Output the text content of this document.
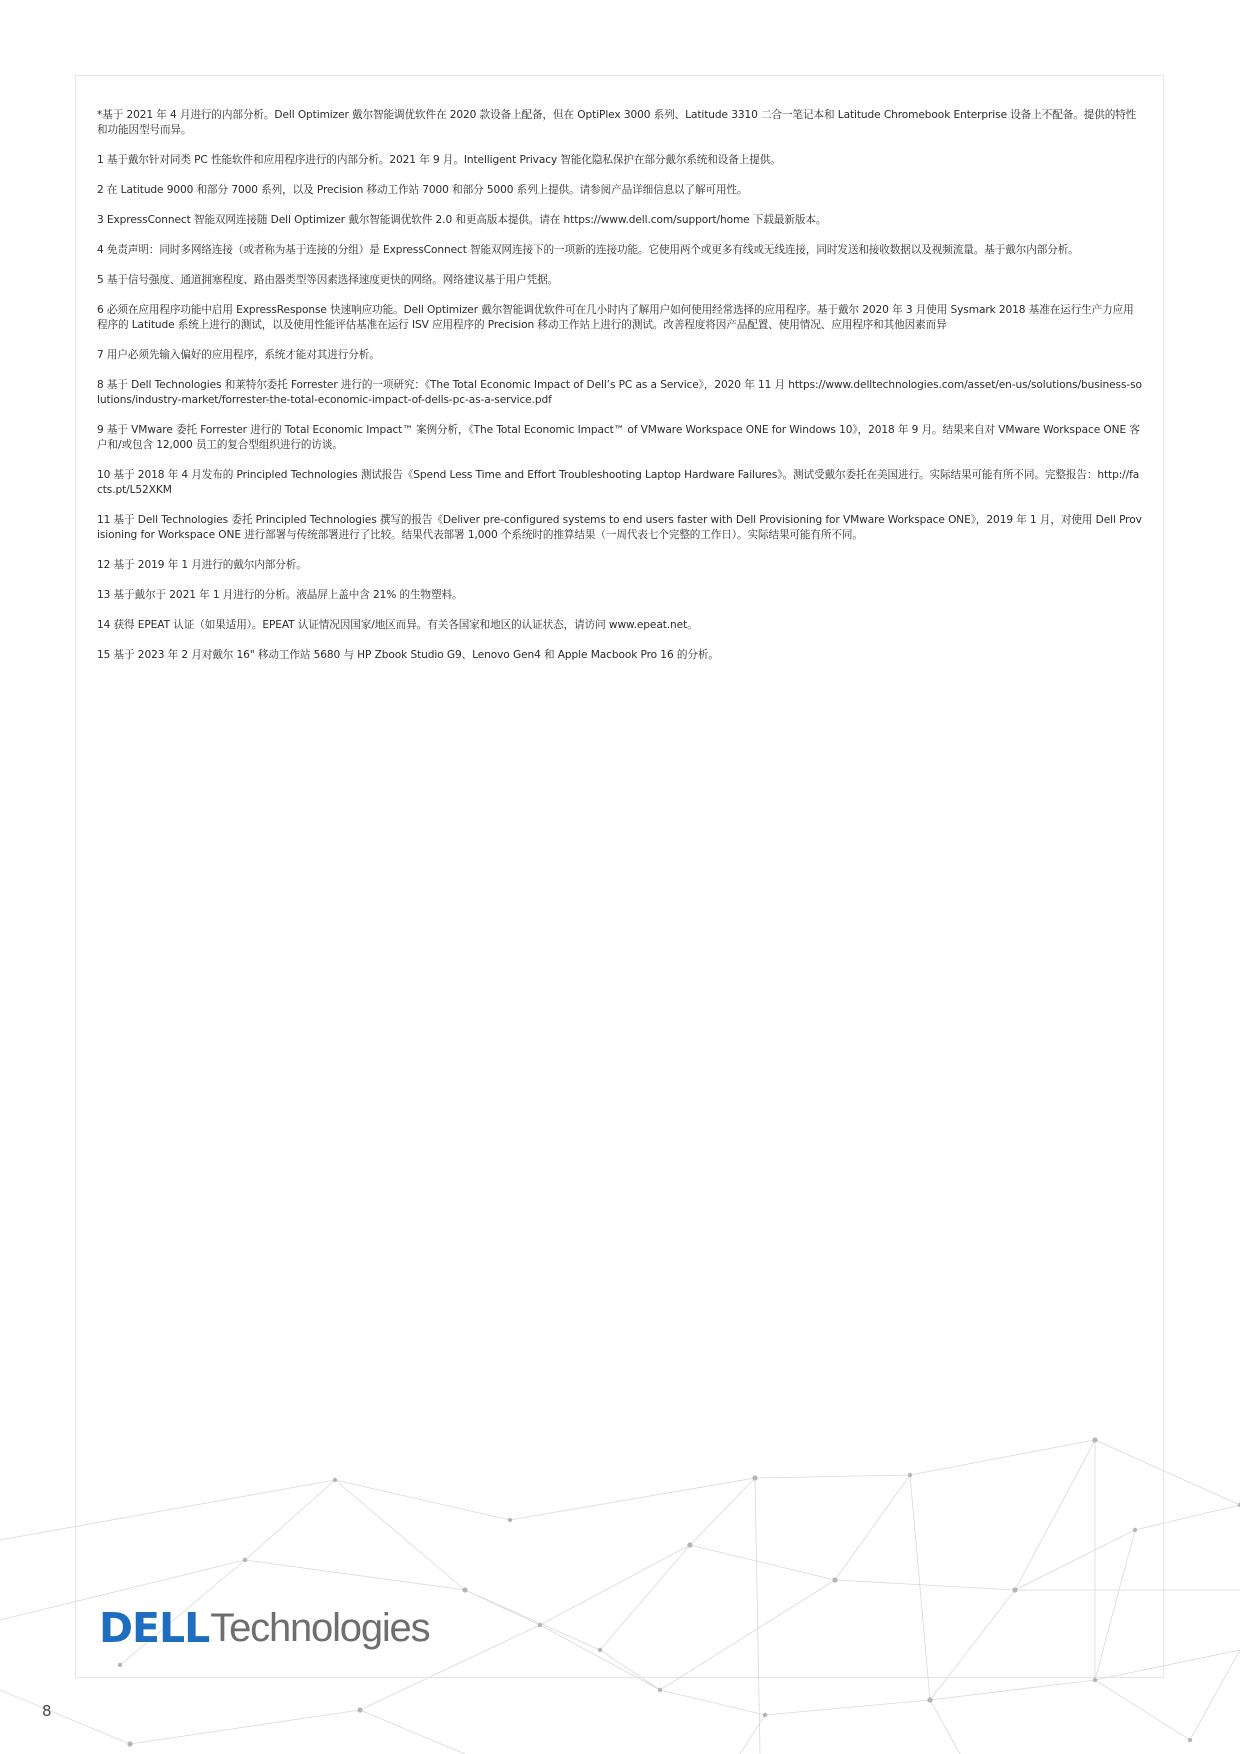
*基于 2021 年 4 月进行的内部分析。Dell Optimizer 戴尔智能调优软件在 2020 款设备上配备，但在 OptiPlex 3000 系列、Latitude 3310 二合一笔记本和 Latitude Chromebook Enterprise 设备上不配备。提供的特性和功能因型号而异。

1 基于戴尔针对同类 PC 性能软件和应用程序进行的内部分析。2021 年 9 月。Intelligent Privacy 智能化隐私保护在部分戴尔系统和设备上提供。

2 在 Latitude 9000 和部分 7000 系列，以及 Precision 移动工作站 7000 和部分 5000 系列上提供。请参阅产品详细信息以了解可用性。

3 ExpressConnect 智能双网连接随 Dell Optimizer 戴尔智能调优软件 2.0 和更高版本提供。请在 https://www.dell.com/support/home 下载最新版本。

4 免责声明：同时多网络连接（或者称为基于连接的分组）是 ExpressConnect 智能双网连接下的一项新的连接功能。它使用两个或更多有线或无线连接，同时发送和接收数据以及视频流量。基于戴尔内部分析。

5 基于信号强度、通道拥塞程度、路由器类型等因素选择速度更快的网络。网络建议基于用户凭据。

6 必须在应用程序功能中启用 ExpressResponse 快速响应功能。Dell Optimizer 戴尔智能调优软件可在几小时内了解用户如何使用经常选择的应用程序。基于戴尔 2020 年 3 月使用 Sysmark 2018 基准在运行生产力应用程序的 Latitude 系统上进行的测试，以及使用性能评估基准在运行 ISV 应用程序的 Precision 移动工作站上进行的测试。改善程度将因产品配置、使用情况、应用程序和其他因素而异

7 用户必须先输入偏好的应用程序，系统才能对其进行分析。

8 基于 Dell Technologies 和莱特尔委托 Forrester 进行的一项研究：《The Total Economic Impact of Dell’s PC as a Service》，2020 年 11 月 https://www.delltechnologies.com/asset/en-us/solutions/business-solutions/industry-market/forrester-the-total-economic-impact-of-dells-pc-as-a-service.pdf

9 基于 VMware 委托 Forrester 进行的 Total Economic Impact™ 案例分析，《The Total Economic Impact™ of VMware Workspace ONE for Windows 10》，2018 年 9 月。结果来自对 VMware Workspace ONE 客户和/或包含 12,000 员工的复合型组织进行的访谈。

10 基于 2018 年 4 月发布的 Principled Technologies 测试报告《Spend Less Time and Effort Troubleshooting Laptop Hardware Failures》。测试受戴尔委托在美国进行。实际结果可能有所不同。完整报告：http://facts.pt/L52XKM

11 基于 Dell Technologies 委托 Principled Technologies 撰写的报告《Deliver pre-configured systems to end users faster with Dell Provisioning for VMware Workspace ONE》，2019 年 1 月，对使用 Dell Provisioning for Workspace ONE 进行部署与传统部署进行了比较。结果代表部署 1,000 个系统时的推算结果（一周代表七个完整的工作日）。实际结果可能有所不同。

12 基于 2019 年 1 月进行的戴尔内部分析。

13 基于戴尔于 2021 年 1 月进行的分析。液晶屏上盖中含 21% 的生物塑料。

14 获得 EPEAT 认证（如果适用）。EPEAT 认证情况因国家/地区而异。有关各国家和地区的认证状态，请访问 www.epeat.net。

15 基于 2023 年 2 月对戴尔 16" 移动工作站 5680 与 HP Zbook Studio G9、Lenovo Gen4 和 Apple Macbook Pro 16 的分析。

DELL Technologies
8
